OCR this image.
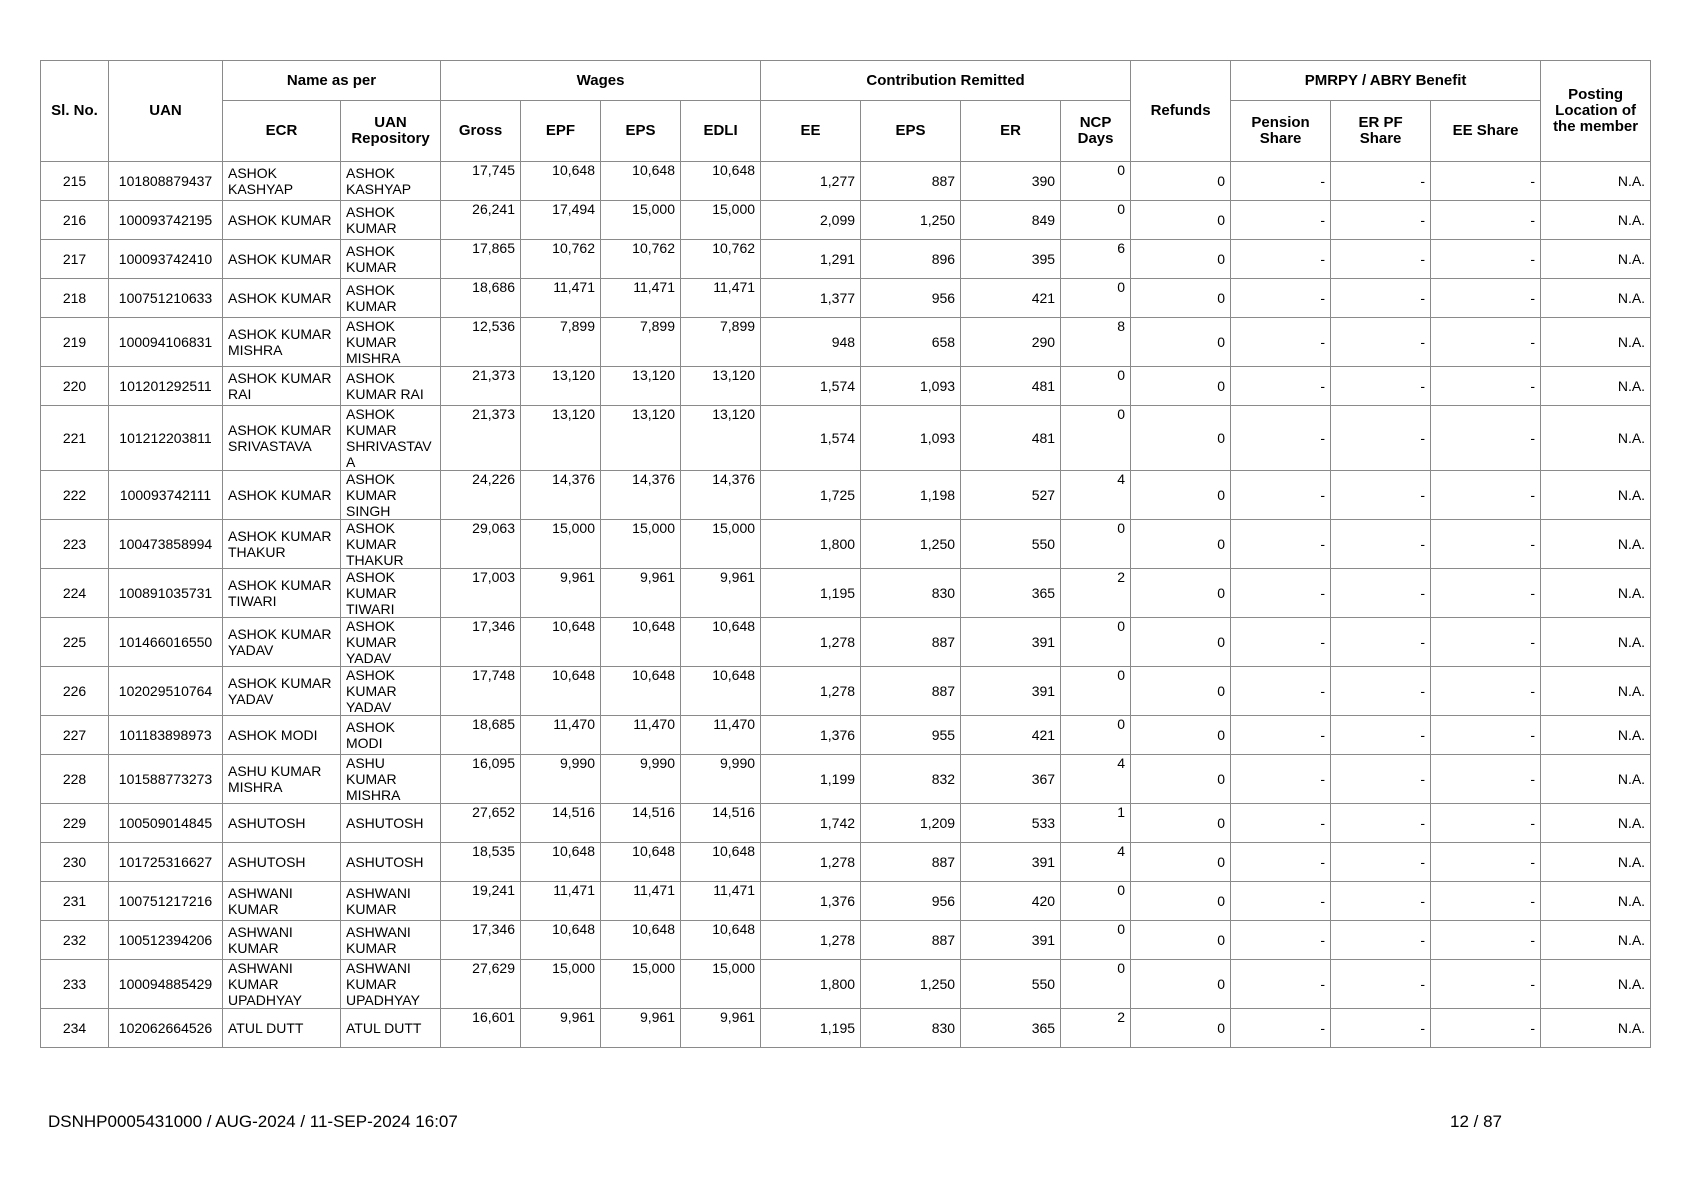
Sl. No.	UAN	Name as per		Wages				Contribution Remitted				Refunds	PMRPY / ABRY Benefit			Posting Location of the member
		ECR	UAN Repository	Gross	EPF	EPS	EDLI	EE	EPS	ER	NCP Days		Pension Share	ER PF Share	EE Share	
215	101808879437	ASHOK KASHYAP	ASHOK KASHYAP	17,745	10,648	10,648	10,648	1,277	887	390	0	0	-	-	-	N.A.
216	100093742195	ASHOK KUMAR	ASHOK KUMAR	26,241	17,494	15,000	15,000	2,099	1,250	849	0	0	-	-	-	N.A.
217	100093742410	ASHOK KUMAR	ASHOK KUMAR	17,865	10,762	10,762	10,762	1,291	896	395	6	0	-	-	-	N.A.
218	100751210633	ASHOK KUMAR	ASHOK KUMAR	18,686	11,471	11,471	11,471	1,377	956	421	0	0	-	-	-	N.A.
219	100094106831	ASHOK KUMAR MISHRA	ASHOK KUMAR MISHRA	12,536	7,899	7,899	7,899	948	658	290	8	0	-	-	-	N.A.
220	101201292511	ASHOK KUMAR RAI	ASHOK KUMAR RAI	21,373	13,120	13,120	13,120	1,574	1,093	481	0	0	-	-	-	N.A.
221	101212203811	ASHOK KUMAR SRIVASTAVA	ASHOK KUMAR SHRIVASTAV A	21,373	13,120	13,120	13,120	1,574	1,093	481	0	0	-	-	-	N.A.
222	100093742111	ASHOK KUMAR	ASHOK KUMAR SINGH	24,226	14,376	14,376	14,376	1,725	1,198	527	4	0	-	-	-	N.A.
223	100473858994	ASHOK KUMAR THAKUR	ASHOK KUMAR THAKUR	29,063	15,000	15,000	15,000	1,800	1,250	550	0	0	-	-	-	N.A.
224	100891035731	ASHOK KUMAR TIWARI	ASHOK KUMAR TIWARI	17,003	9,961	9,961	9,961	1,195	830	365	2	0	-	-	-	N.A.
225	101466016550	ASHOK KUMAR YADAV	ASHOK KUMAR YADAV	17,346	10,648	10,648	10,648	1,278	887	391	0	0	-	-	-	N.A.
226	102029510764	ASHOK KUMAR YADAV	ASHOK KUMAR YADAV	17,748	10,648	10,648	10,648	1,278	887	391	0	0	-	-	-	N.A.
227	101183898973	ASHOK MODI	ASHOK MODI	18,685	11,470	11,470	11,470	1,376	955	421	0	0	-	-	-	N.A.
228	101588773273	ASHU KUMAR MISHRA	ASHU KUMAR MISHRA	16,095	9,990	9,990	9,990	1,199	832	367	4	0	-	-	-	N.A.
229	100509014845	ASHUTOSH	ASHUTOSH	27,652	14,516	14,516	14,516	1,742	1,209	533	1	0	-	-	-	N.A.
230	101725316627	ASHUTOSH	ASHUTOSH	18,535	10,648	10,648	10,648	1,278	887	391	4	0	-	-	-	N.A.
231	100751217216	ASHWANI KUMAR	ASHWANI KUMAR	19,241	11,471	11,471	11,471	1,376	956	420	0	0	-	-	-	N.A.
232	100512394206	ASHWANI KUMAR	ASHWANI KUMAR	17,346	10,648	10,648	10,648	1,278	887	391	0	0	-	-	-	N.A.
233	100094885429	ASHWANI KUMAR UPADHYAY	ASHWANI KUMAR UPADHYAY	27,629	15,000	15,000	15,000	1,800	1,250	550	0	0	-	-	-	N.A.
234	102062664526	ATUL DUTT	ATUL DUTT	16,601	9,961	9,961	9,961	1,195	830	365	2	0	-	-	-	N.A.
DSNHP0005431000 / AUG-2024 / 11-SEP-2024 16:07	12 / 87
